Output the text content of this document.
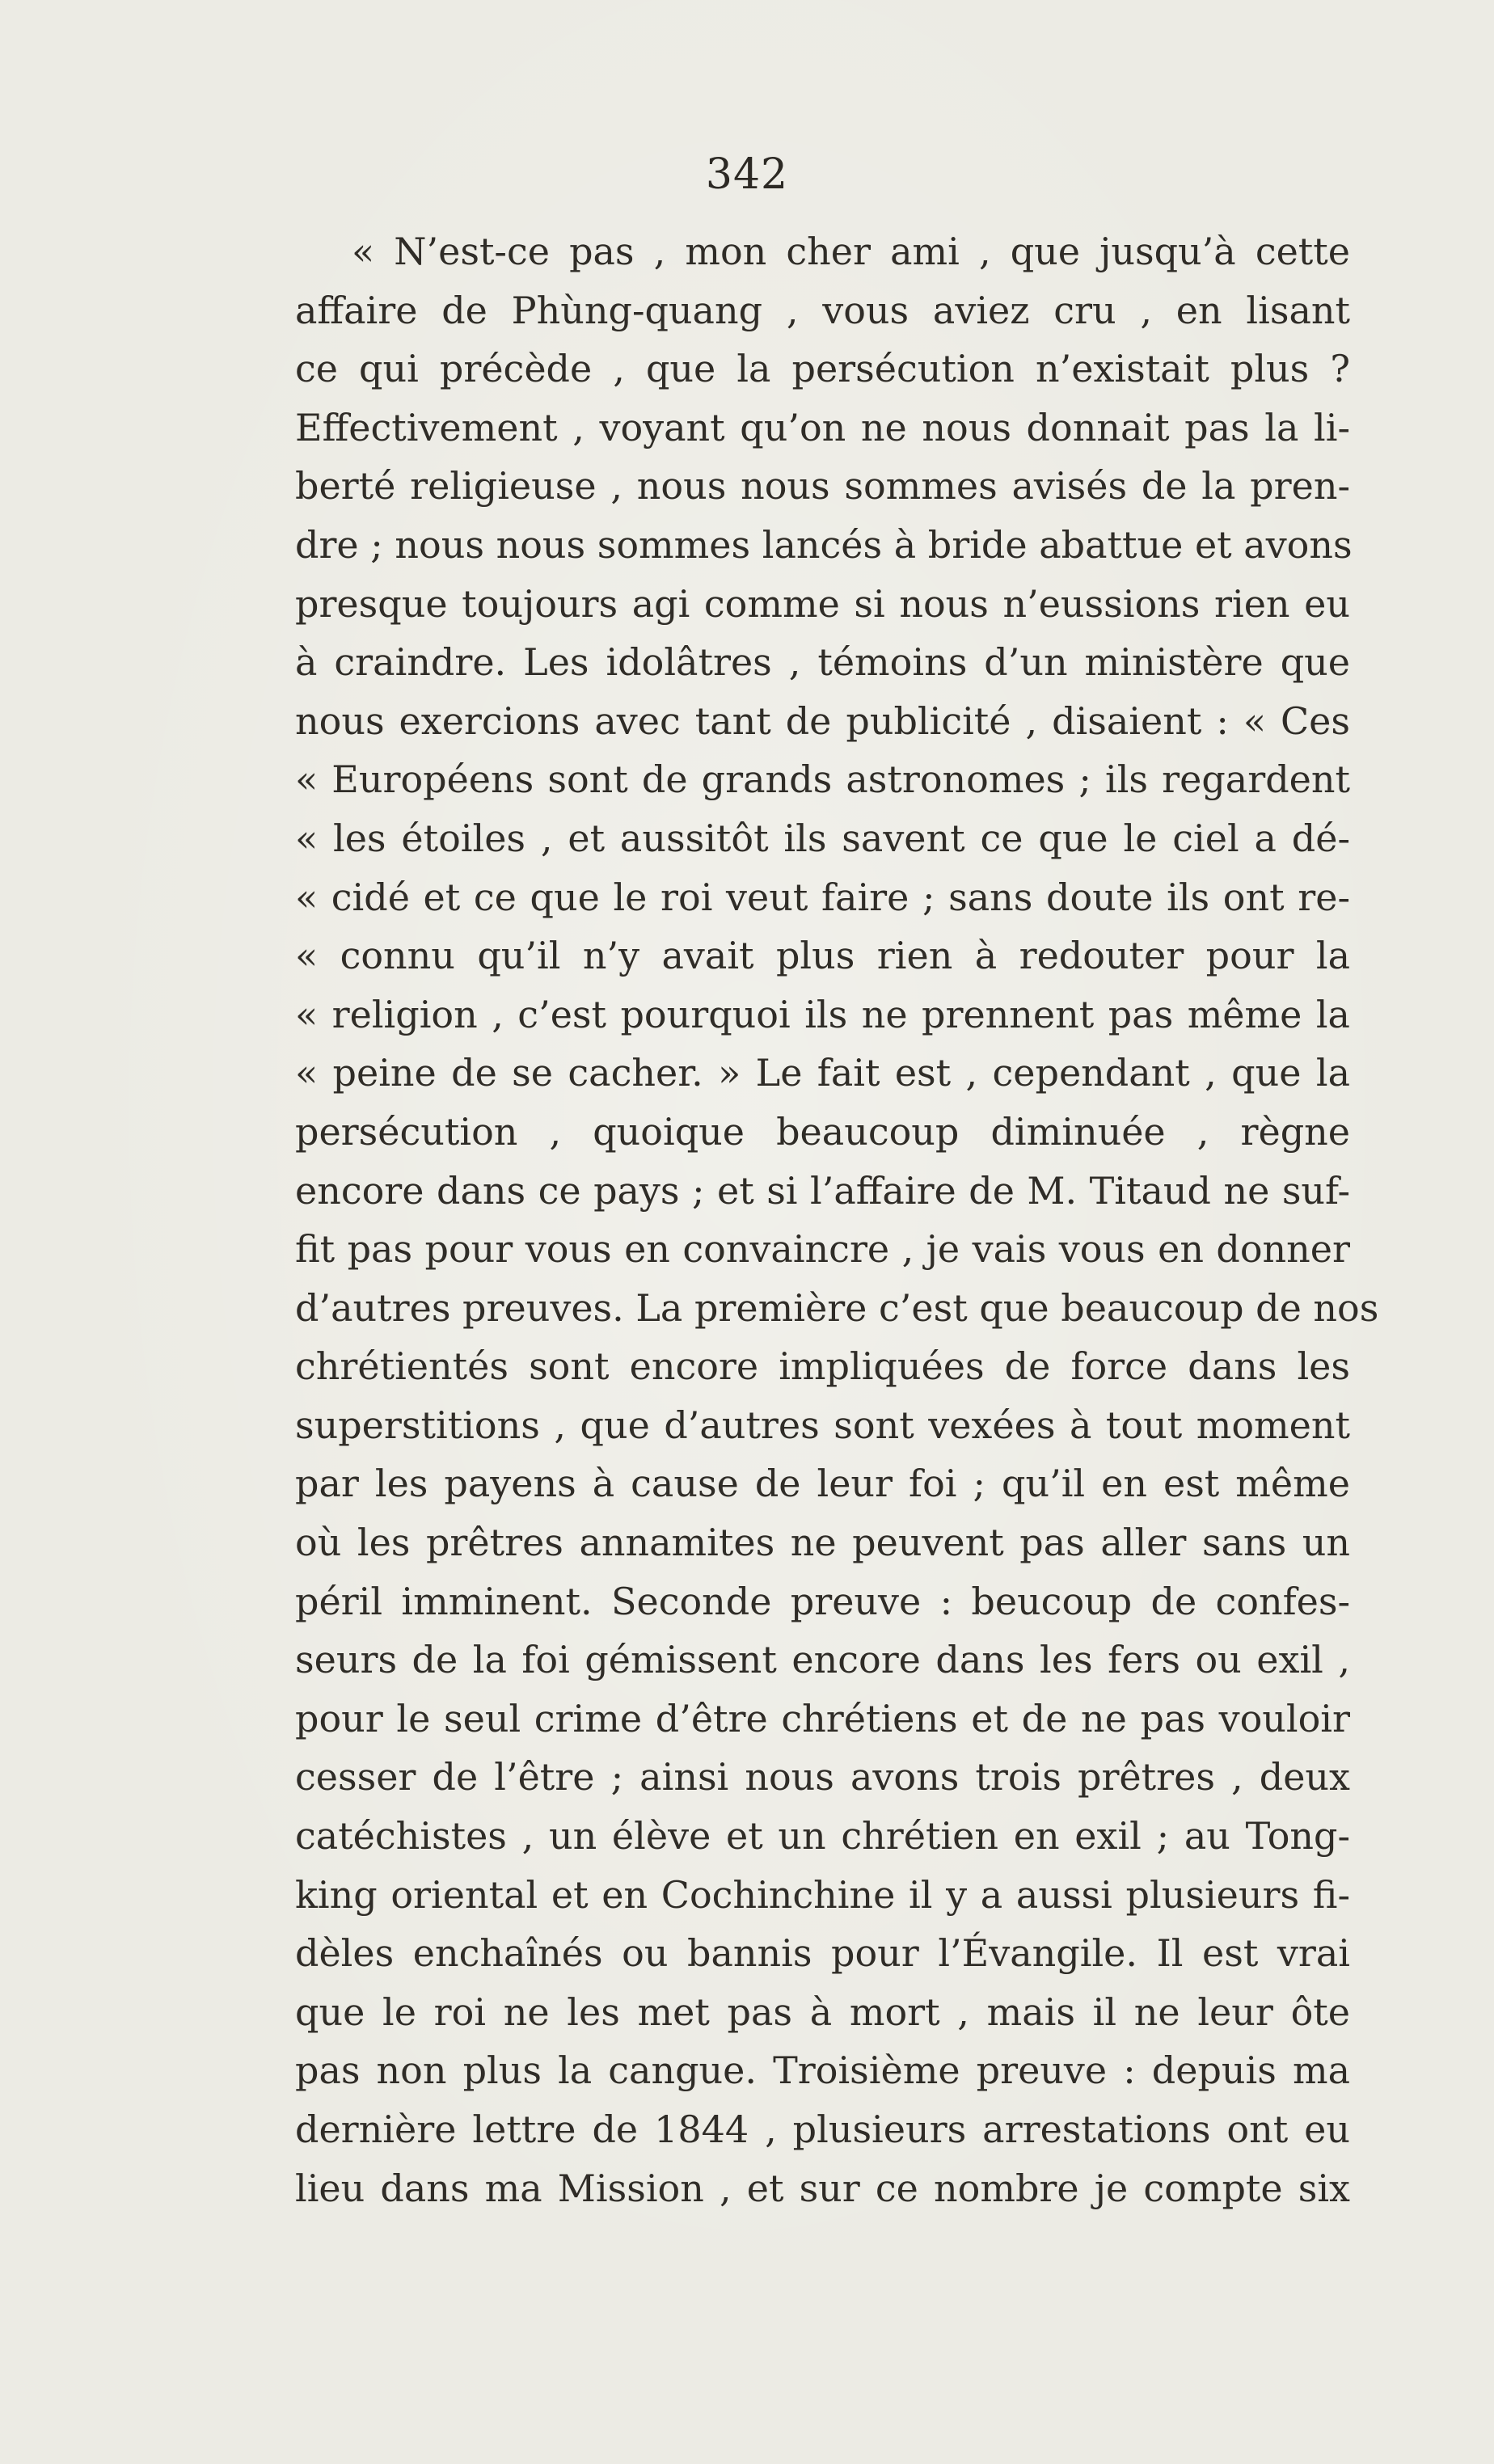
342
« N’est-ce pas , mon cher ami , que jusqu’à cette
affaire de Phùng-quang , vous aviez cru , en lisant
ce qui précède , que la persécution n’existait plus ?
Effectivement , voyant qu’on ne nous donnait pas la li-
berté religieuse , nous nous sommes avisés de la pren-
dre ; nous nous sommes lancés à bride abattue et avons
presque toujours agi comme si nous n’eussions rien eu
à craindre. Les idolâtres , témoins d’un ministère que
nous exercions avec tant de publicité , disaient : « Ces
« Européens sont de grands astronomes ; ils regardent
« les étoiles , et aussitôt ils savent ce que le ciel a dé-
« cidé et ce que le roi veut faire ; sans doute ils ont re-
« connu qu’il n’y avait plus rien à redouter pour la
« religion , c’est pourquoi ils ne prennent pas même la
« peine de se cacher. » Le fait est , cependant , que la
persécution , quoique beaucoup diminuée , règne
encore dans ce pays ; et si l’affaire de M. Titaud ne suf-
fit pas pour vous en convaincre , je vais vous en donner
d’autres preuves. La première c’est que beaucoup de nos
chrétientés sont encore impliquées de force dans les
superstitions , que d’autres sont vexées à tout moment
par les payens à cause de leur foi ; qu’il en est même
où les prêtres annamites ne peuvent pas aller sans un
péril imminent. Seconde preuve : beucoup de confes-
seurs de la foi gémissent encore dans les fers ou exil ,
pour le seul crime d’être chrétiens et de ne pas vouloir
cesser de l’être ; ainsi nous avons trois prêtres , deux
catéchistes , un élève et un chrétien en exil ; au Tong-
king oriental et en Cochinchine il y a aussi plusieurs fi-
dèles enchaînés ou bannis pour l’Évangile. Il est vrai
que le roi ne les met pas à mort , mais il ne leur ôte
pas non plus la cangue. Troisième preuve : depuis ma
dernière lettre de 1844 , plusieurs arrestations ont eu
lieu dans ma Mission , et sur ce nombre je compte six
